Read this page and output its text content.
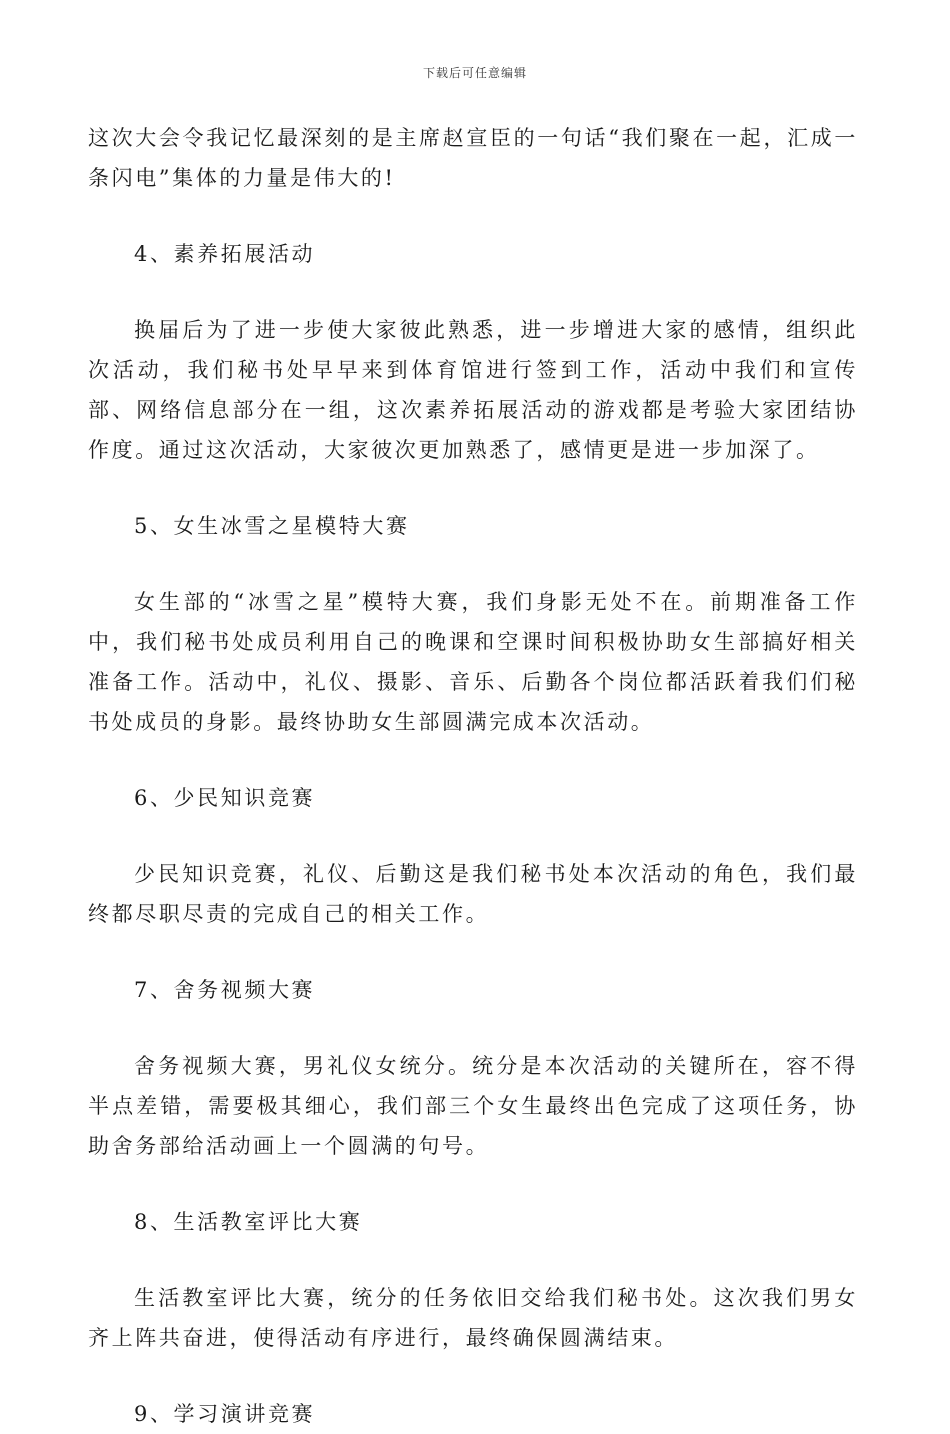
下载后可任意编辑

这次大会令我记忆最深刻的是主席赵宣臣的一句话“我们聚在一起，汇成一条闪电”集体的力量是伟大的!

4、素养拓展活动

换届后为了进一步使大家彼此熟悉，进一步增进大家的感情，组织此次活动，我们秘书处早早来到体育馆进行签到工作，活动中我们和宣传部、网络信息部分在一组，这次素养拓展活动的游戏都是考验大家团结协作度。通过这次活动，大家彼次更加熟悉了，感情更是进一步加深了。

5、女生冰雪之星模特大赛

女生部的“冰雪之星”模特大赛，我们身影无处不在。前期准备工作中，我们秘书处成员利用自己的晚课和空课时间积极协助女生部搞好相关准备工作。活动中，礼仪、摄影、音乐、后勤各个岗位都活跃着我们们秘书处成员的身影。最终协助女生部圆满完成本次活动。

6、少民知识竞赛

少民知识竞赛，礼仪、后勤这是我们秘书处本次活动的角色，我们最终都尽职尽责的完成自己的相关工作。

7、舍务视频大赛

舍务视频大赛，男礼仪女统分。统分是本次活动的关键所在，容不得半点差错，需要极其细心，我们部三个女生最终出色完成了这项任务，协助舍务部给活动画上一个圆满的句号。

8、生活教室评比大赛

生活教室评比大赛，统分的任务依旧交给我们秘书处。这次我们男女齐上阵共奋进，使得活动有序进行，最终确保圆满结束。

9、学习演讲竞赛
